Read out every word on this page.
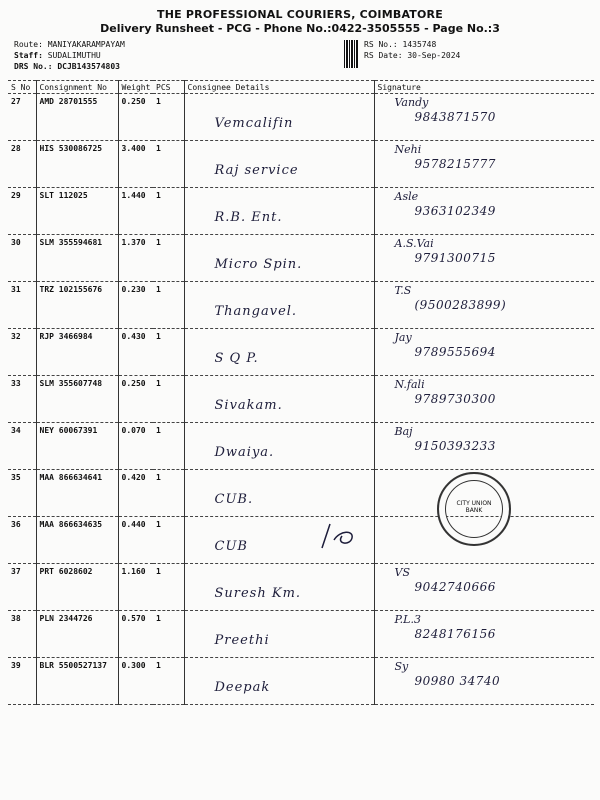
THE PROFESSIONAL COURIERS, COIMBATORE
Delivery Runsheet - PCG - Phone No.:0422-3505555 - Page No.:3
Route: MANIYAKARAMPAYAM
Staff: SUDALIMUTHU
DRS No.: DCJB143574803
RS No.: 1435748
RS Date: 30-Sep-2024
S No	Consignment No	Weight	PCS	Consignee Details	Signature
27	AMD 28701555	0.250	1	Vemcalifin	Vandy
9843871570

28	HIS 530086725	3.400	1	Raj service	Nehi
9578215777

29	SLT 112025	1.440	1	R.B. Ent.	Asle
9363102349

30	SLM 355594681	1.370	1	Micro Spin.	A.S.Vai
9791300715

31	TRZ 102155676	0.230	1	Thangavel.	T.S
(9500283899)

32	RJP 3466984	0.430	1	S Q P.	Jay
9789555694

33	SLM 355607748	0.250	1	Sivakam.	N.fali
9789730300

34	NEY 60067391	0.070	1	Dwaiya.	Baj
9150393233

35	MAA 866634641	0.420	1	CUB.	

36	MAA 866634635	0.440	1	CUB	

37	PRT 6028602	1.160	1	Suresh Km.	VS
9042740666

38	PLN 2344726	0.570	1	Preethi	P.L.3
8248176156

39	BLR 5500527137	0.300	1	Deepak	Sy
90980 34740
CITY UNION BANK
